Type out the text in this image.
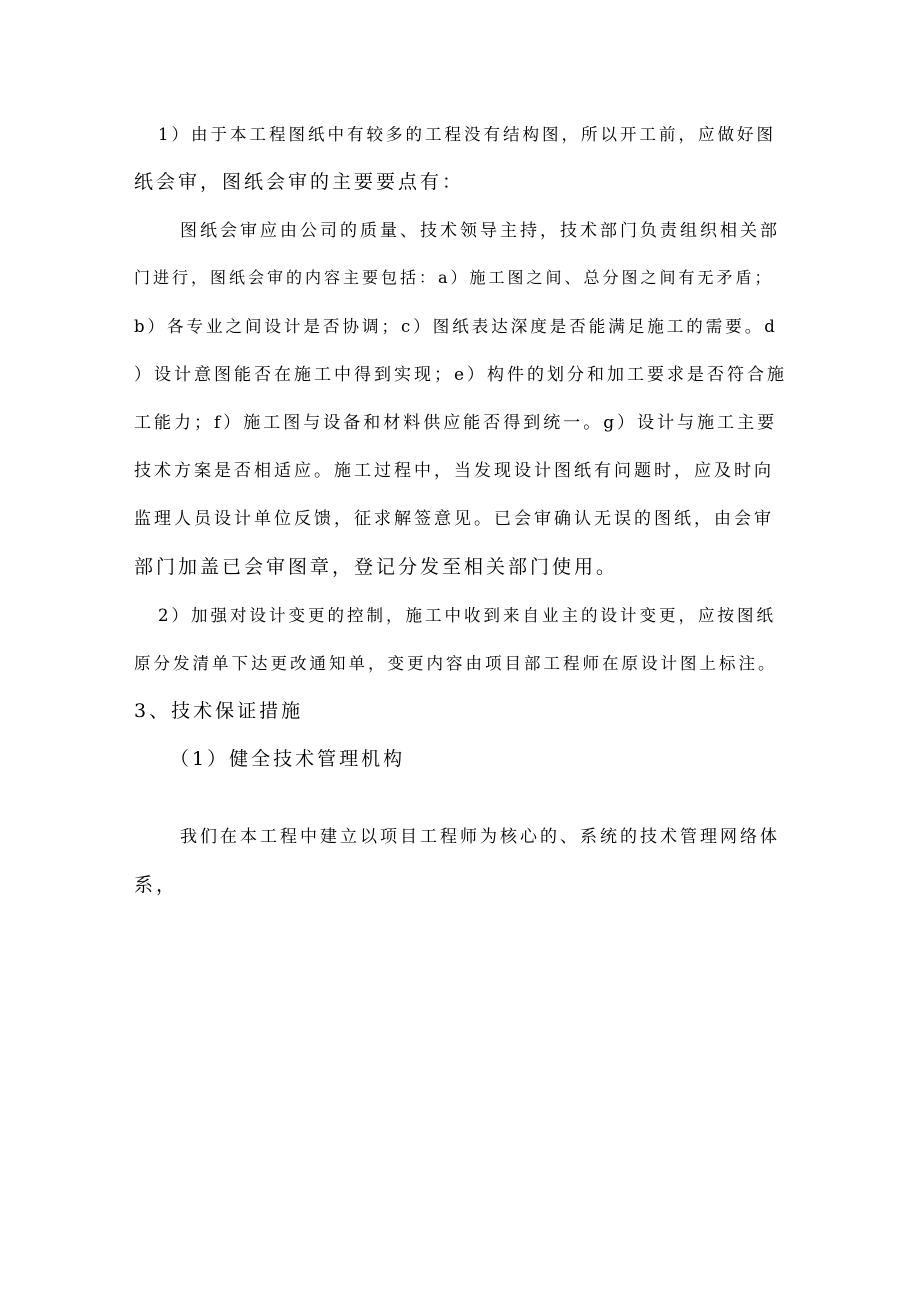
1）由于本工程图纸中有较多的工程没有结构图，所以开工前，应做好图
纸会审，图纸会审的主要要点有：
图纸会审应由公司的质量、技术领导主持，技术部门负责组织相关部
门进行，图纸会审的内容主要包括：a）施工图之间、总分图之间有无矛盾；
b）各专业之间设计是否协调；c）图纸表达深度是否能满足施工的需要。d
）设计意图能否在施工中得到实现；e）构件的划分和加工要求是否符合施
工能力；f）施工图与设备和材料供应能否得到统一。g）设计与施工主要
技术方案是否相适应。施工过程中，当发现设计图纸有问题时，应及时向
监理人员设计单位反馈，征求解签意见。已会审确认无误的图纸，由会审
部门加盖已会审图章，登记分发至相关部门使用。
2）加强对设计变更的控制，施工中收到来自业主的设计变更，应按图纸
原分发清单下达更改通知单，变更内容由项目部工程师在原设计图上标注。
3、技术保证措施
（1）健全技术管理机构
我们在本工程中建立以项目工程师为核心的、系统的技术管理网络体
系，
